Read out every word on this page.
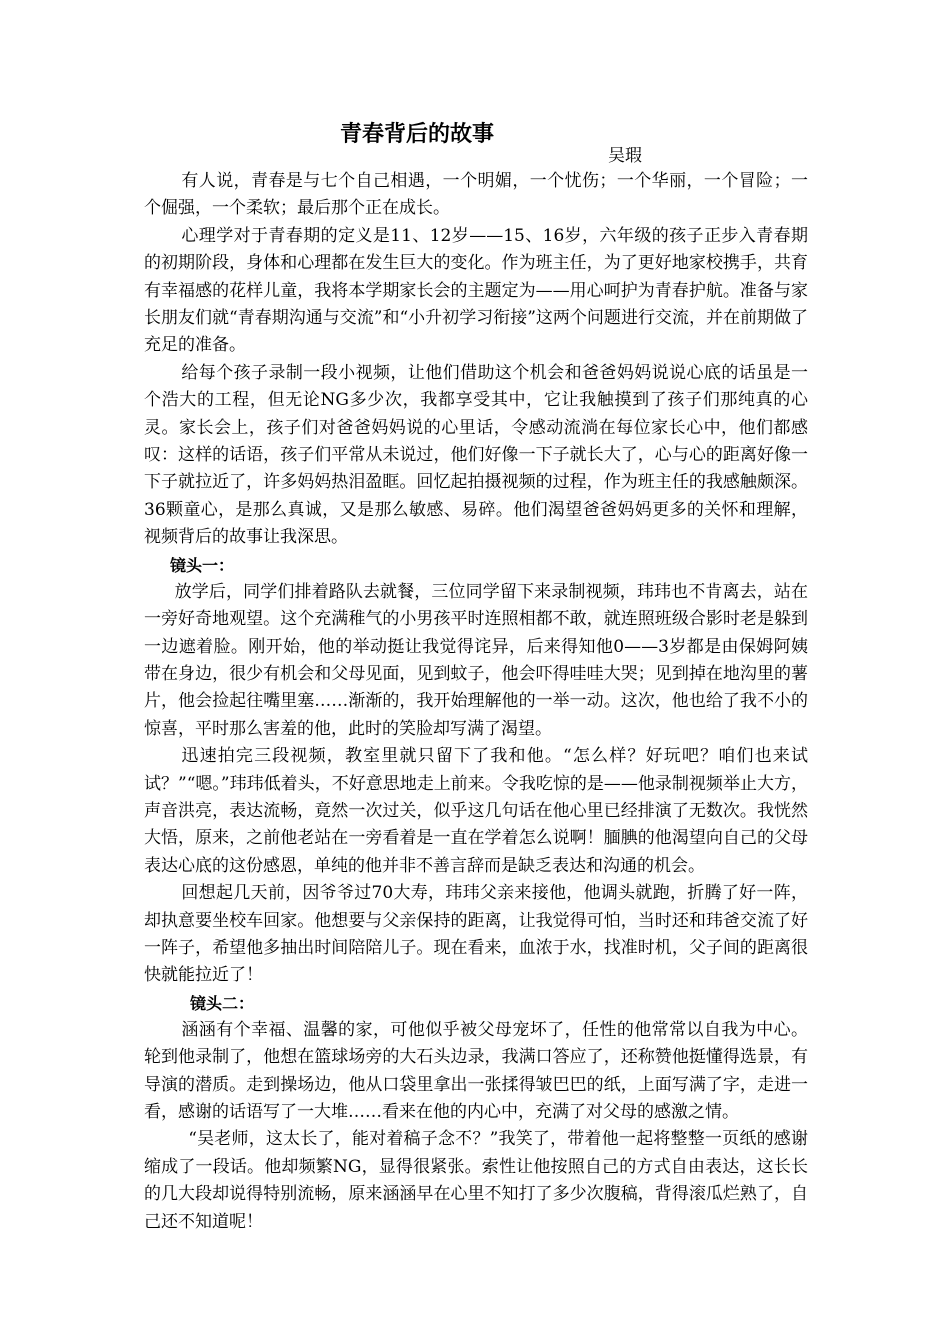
青春背后的故事
吴瑕

有人说，青春是与七个自己相遇，一个明媚，一个忧伤；一个华丽，一个冒险；一个倔强，一个柔软；最后那个正在成长。

心理学对于青春期的定义是11、12岁——15、16岁，六年级的孩子正步入青春期的初期阶段，身体和心理都在发生巨大的变化。作为班主任，为了更好地家校携手，共育有幸福感的花样儿童，我将本学期家长会的主题定为——用心呵护为青春护航。准备与家长朋友们就“青春期沟通与交流”和“小升初学习衔接”这两个问题进行交流，并在前期做了充足的准备。

给每个孩子录制一段小视频，让他们借助这个机会和爸爸妈妈说说心底的话虽是一个浩大的工程，但无论NG多少次，我都享受其中，它让我触摸到了孩子们那纯真的心灵。家长会上，孩子们对爸爸妈妈说的心里话，令感动流淌在每位家长心中，他们都感叹：这样的话语，孩子们平常从未说过，他们好像一下子就长大了，心与心的距离好像一下子就拉近了，许多妈妈热泪盈眶。回忆起拍摄视频的过程，作为班主任的我感触颇深。36颗童心，是那么真诚，又是那么敏感、易碎。他们渴望爸爸妈妈更多的关怀和理解，视频背后的故事让我深思。

镜头一：

放学后，同学们排着路队去就餐，三位同学留下来录制视频，玮玮也不肯离去，站在一旁好奇地观望。这个充满稚气的小男孩平时连照相都不敢，就连照班级合影时老是躲到一边遮着脸。刚开始，他的举动挺让我觉得诧异，后来得知他0——3岁都是由保姆阿姨带在身边，很少有机会和父母见面，见到蚊子，他会吓得哇哇大哭；见到掉在地沟里的薯片，他会捡起往嘴里塞……渐渐的，我开始理解他的一举一动。这次，他也给了我不小的惊喜，平时那么害羞的他，此时的笑脸却写满了渴望。

迅速拍完三段视频，教室里就只留下了我和他。“怎么样？好玩吧？咱们也来试试？”“嗯。”玮玮低着头，不好意思地走上前来。令我吃惊的是——他录制视频举止大方，声音洪亮，表达流畅，竟然一次过关，似乎这几句话在他心里已经排演了无数次。我恍然大悟，原来，之前他老站在一旁看着是一直在学着怎么说啊！腼腆的他渴望向自己的父母表达心底的这份感恩，单纯的他并非不善言辞而是缺乏表达和沟通的机会。

回想起几天前，因爷爷过70大寿，玮玮父亲来接他，他调头就跑，折腾了好一阵，却执意要坐校车回家。他想要与父亲保持的距离，让我觉得可怕，当时还和玮爸交流了好一阵子，希望他多抽出时间陪陪儿子。现在看来，血浓于水，找准时机，父子间的距离很快就能拉近了！

镜头二：

涵涵有个幸福、温馨的家，可他似乎被父母宠坏了，任性的他常常以自我为中心。轮到他录制了，他想在篮球场旁的大石头边录，我满口答应了，还称赞他挺懂得选景，有导演的潜质。走到操场边，他从口袋里拿出一张揉得皱巴巴的纸，上面写满了字，走进一看，感谢的话语写了一大堆……看来在他的内心中，充满了对父母的感激之情。

“吴老师，这太长了，能对着稿子念不？”我笑了，带着他一起将整整一页纸的感谢缩成了一段话。他却频繁NG，显得很紧张。索性让他按照自己的方式自由表达，这长长的几大段却说得特别流畅，原来涵涵早在心里不知打了多少次腹稿，背得滚瓜烂熟了，自己还不知道呢！
